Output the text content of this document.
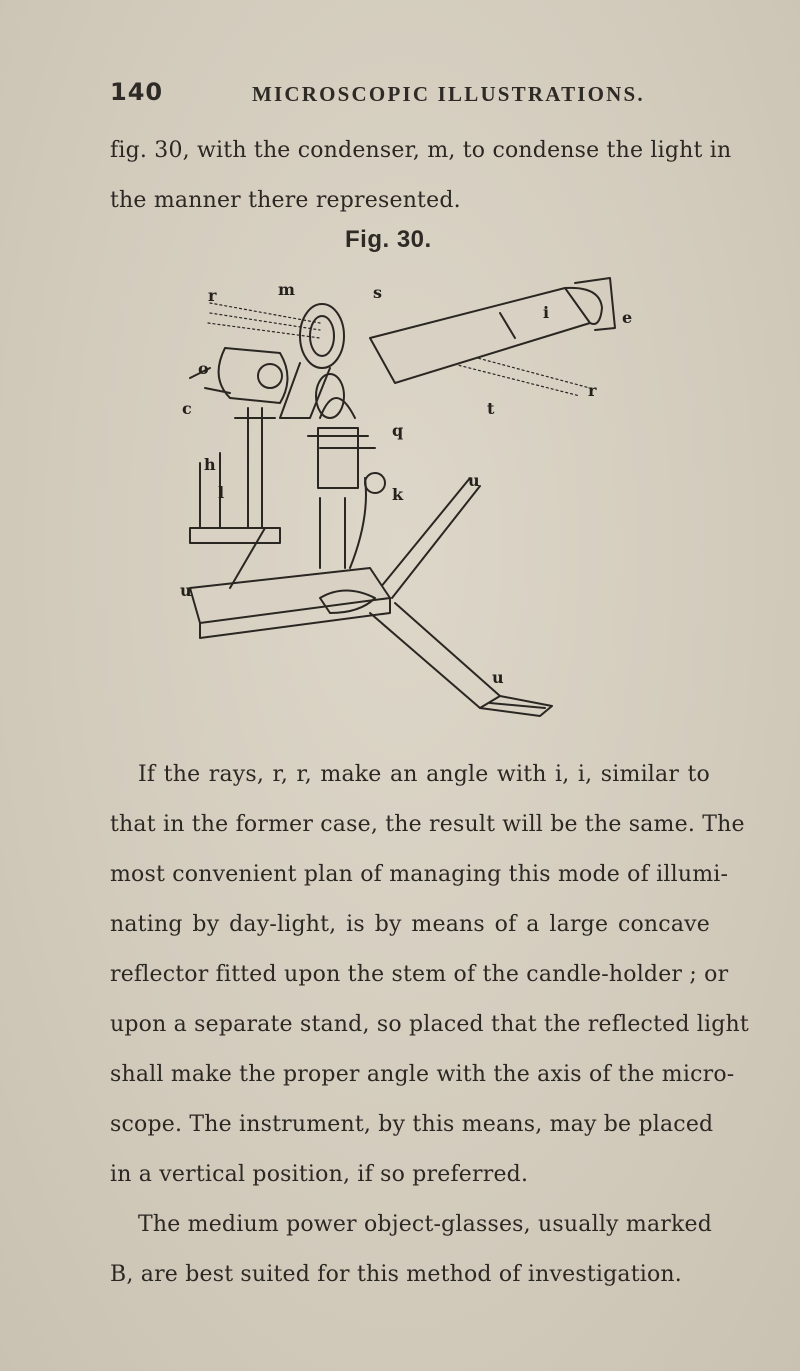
140	MICROSCOPIC ILLUSTRATIONS.
fig. 30, with the condenser, m, to condense the light in
the manner there represented.
Fig. 30.
r	m	s
i	e
o
c	t
r
q
h
l
u
k
u
u
If the rays, r, r, make an angle with i, i, similar to
that in the former case, the result will be the same. The
most convenient plan of managing this mode of illumi-
nating by day-light, is by means of a large concave
reflector fitted upon the stem of the candle-holder ; or
upon a separate stand, so placed that the reflected light
shall make the proper angle with the axis of the micro-
scope. The instrument, by this means, may be placed
in a vertical position, if so preferred.
The medium power object-glasses, usually marked
B, are best suited for this method of investigation.
